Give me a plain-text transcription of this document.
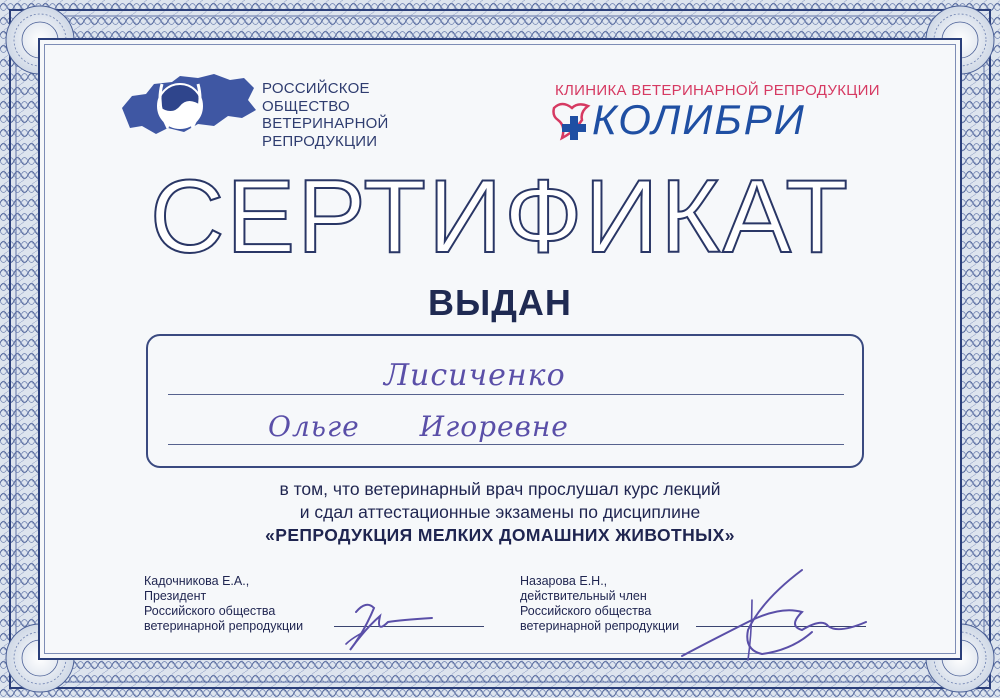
РОССИЙСКОЕ
ОБЩЕСТВО
ВЕТЕРИНАРНОЙ
РЕПРОДУКЦИИ
КЛИНИКА ВЕТЕРИНАРНОЙ РЕПРОДУКЦИИ
КОЛИБРИ
СЕРТИФИКАТ
ВЫДАН
Лисиченко
Ольге Игоревне
в том, что ветеринарный врач прослушал курс лекций
и сдал аттестационные экзамены по дисциплине
«РЕПРОДУКЦИЯ МЕЛКИХ ДОМАШНИХ ЖИВОТНЫХ»
Кадочникова Е.А.,
Президент
Российского общества
ветеринарной репродукции
Назарова Е.Н.,
действительный член
Российского общества
ветеринарной репродукции
